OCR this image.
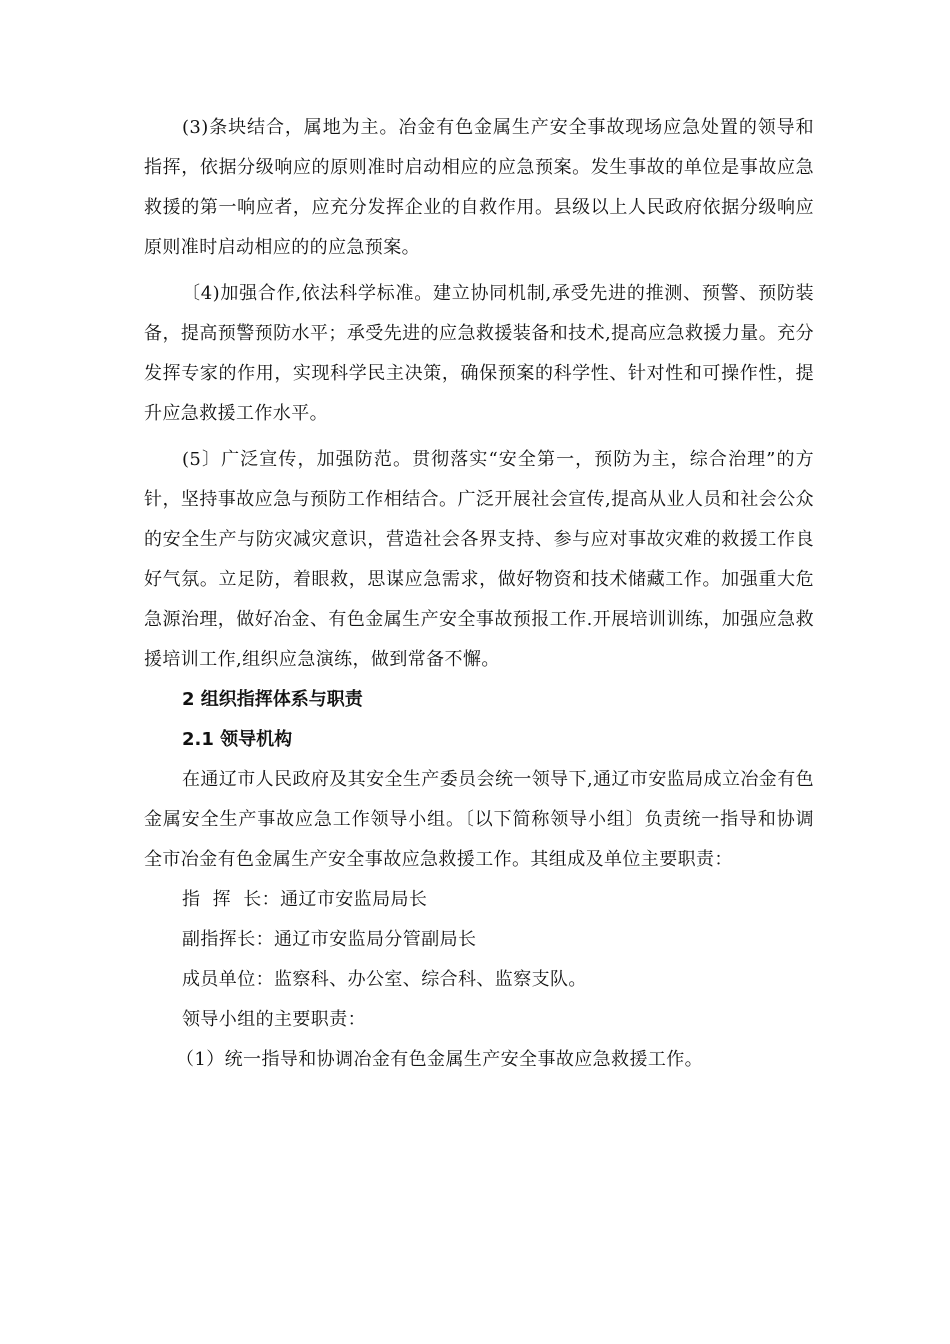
(3)条块结合，属地为主。冶金有色金属生产安全事故现场应急处置的领导和指挥，依据分级响应的原则准时启动相应的应急预案。发生事故的单位是事故应急救援的第一响应者，应充分发挥企业的自救作用。县级以上人民政府依据分级响应原则准时启动相应的的应急预案。

〔4)加强合作,依法科学标准。建立协同机制,承受先进的推测、预警、预防装备，提高预警预防水平；承受先进的应急救援装备和技术,提高应急救援力量。充分发挥专家的作用，实现科学民主决策，确保预案的科学性、针对性和可操作性，提升应急救援工作水平。

(5〕广泛宣传，加强防范。贯彻落实“安全第一，预防为主，综合治理”的方针，坚持事故应急与预防工作相结合。广泛开展社会宣传,提高从业人员和社会公众的安全生产与防灾减灾意识，营造社会各界支持、参与应对事故灾难的救援工作良好气氛。立足防，着眼救，思谋应急需求，做好物资和技术储藏工作。加强重大危急源治理，做好冶金、有色金属生产安全事故预报工作.开展培训训练，加强应急救援培训工作,组织应急演练，做到常备不懈。

2 组织指挥体系与职责

2.1 领导机构

在通辽市人民政府及其安全生产委员会统一领导下,通辽市安监局成立冶金有色金属安全生产事故应急工作领导小组。〔以下简称领导小组〕负责统一指导和协调全市冶金有色金属生产安全事故应急救援工作。其组成及单位主要职责：

指  挥  长：通辽市安监局局长

副指挥长：通辽市安监局分管副局长

成员单位：监察科、办公室、综合科、监察支队。

领导小组的主要职责：

（1）统一指导和协调冶金有色金属生产安全事故应急救援工作。
